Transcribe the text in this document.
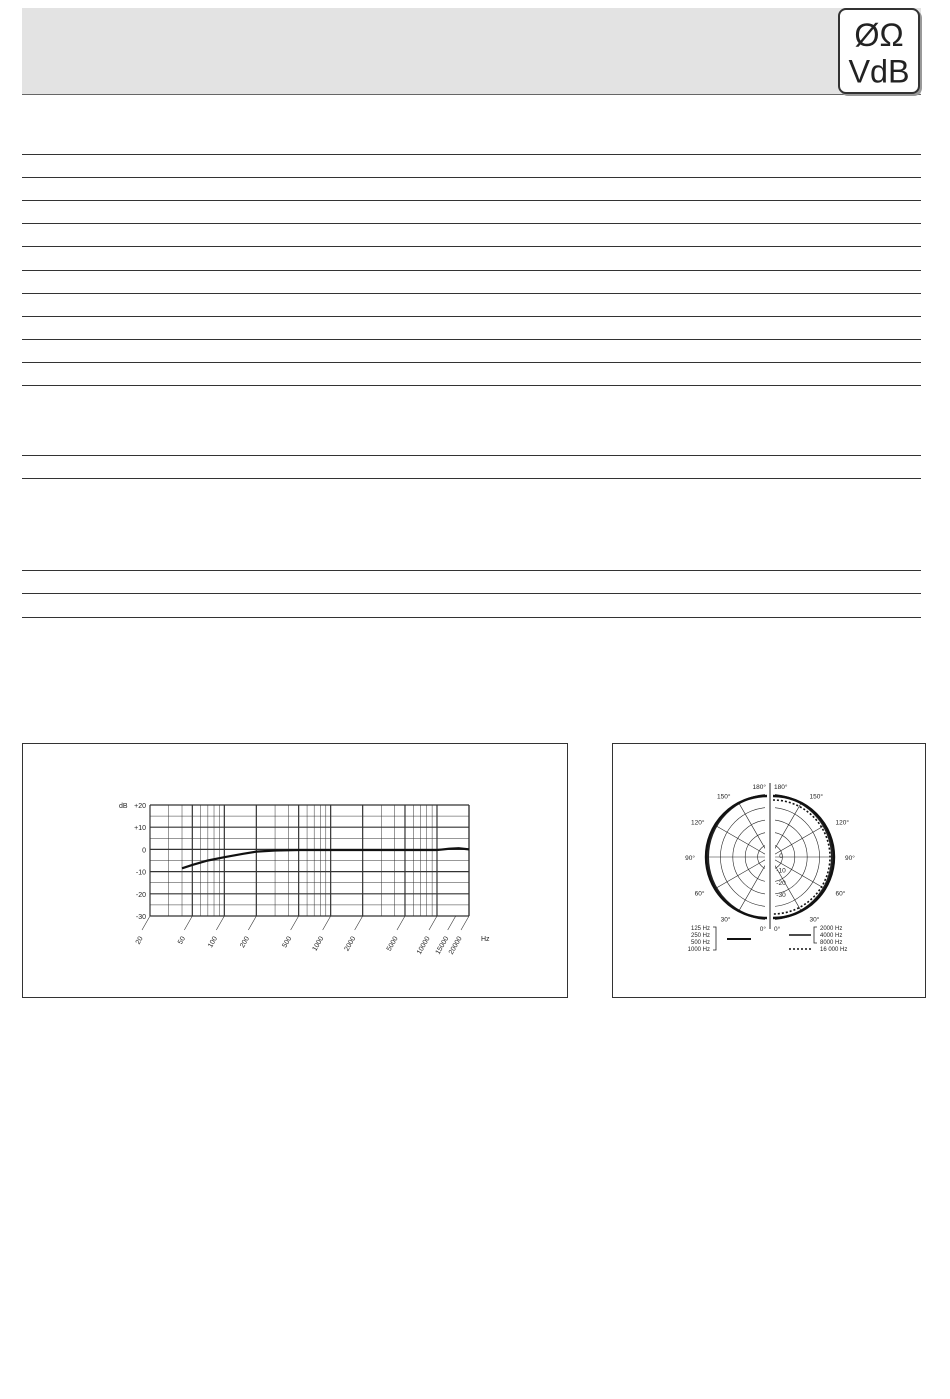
ØΩ
VdB
+20
+10
0
-10
-20
-30
dB
20	50	100	200	500	1000	2000	5000 10000 15000
20000 Hz
180° 180°
150°	150°
120°	120°
90°	90°
60°	60°
30°	30°
0° 0°
0
-10
-20
-30
125 Hz
250 Hz
500 Hz
1000 Hz
2000 Hz
4000 Hz
8000 Hz
16 000 Hz
